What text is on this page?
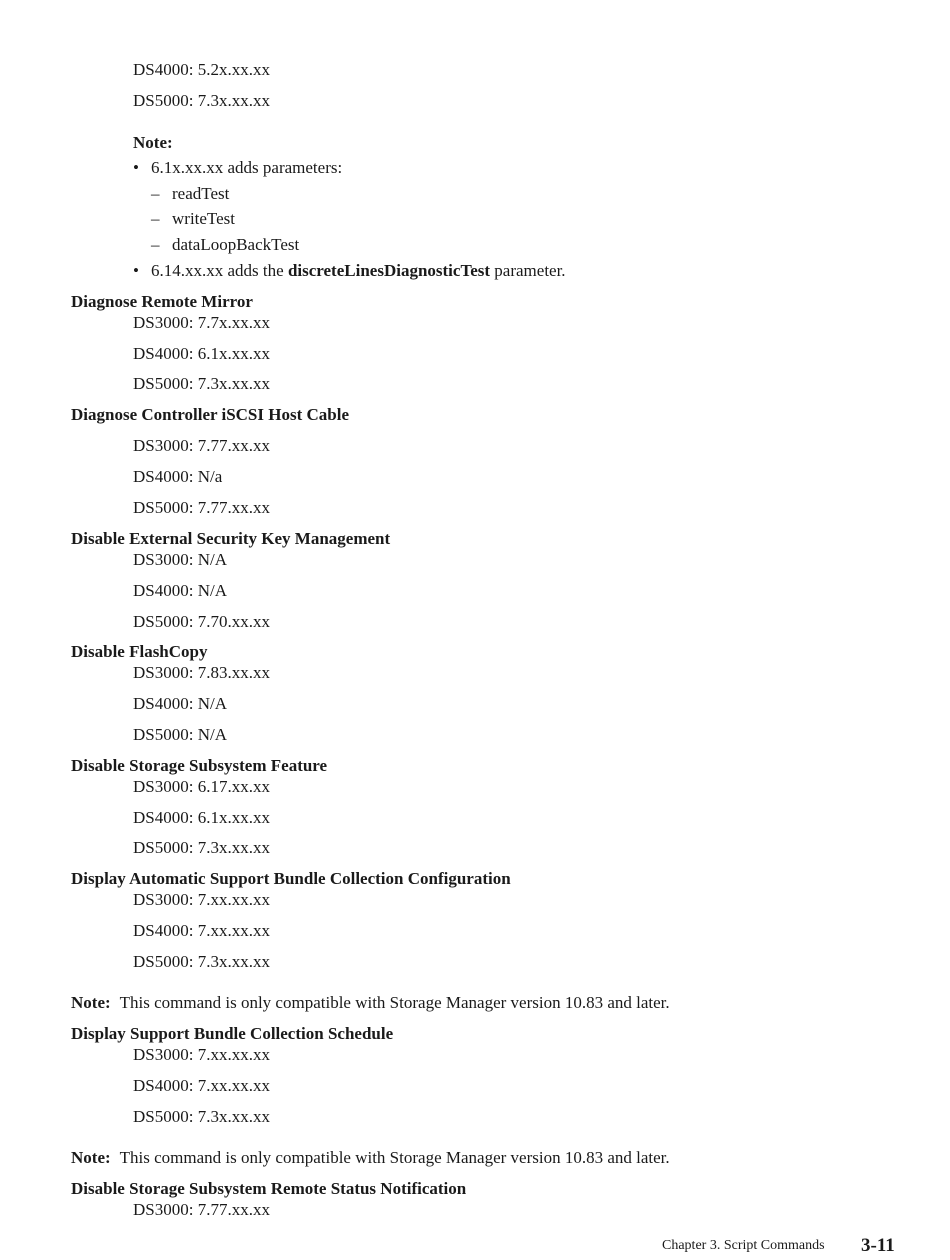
DS4000: 5.2x.xx.xx
DS5000: 7.3x.xx.xx
Note:
• 6.1x.xx.xx adds parameters:
– readTest
– writeTest
– dataLoopBackTest
• 6.14.xx.xx adds the discreteLinesDiagnosticTest parameter.
Diagnose Remote Mirror
DS3000: 7.7x.xx.xx
DS4000: 6.1x.xx.xx
DS5000: 7.3x.xx.xx
Diagnose Controller iSCSI Host Cable
DS3000: 7.77.xx.xx
DS4000: N/a
DS5000: 7.77.xx.xx
Disable External Security Key Management
DS3000: N/A
DS4000: N/A
DS5000: 7.70.xx.xx
Disable FlashCopy
DS3000: 7.83.xx.xx
DS4000: N/A
DS5000: N/A
Disable Storage Subsystem Feature
DS3000: 6.17.xx.xx
DS4000: 6.1x.xx.xx
DS5000: 7.3x.xx.xx
Display Automatic Support Bundle Collection Configuration
DS3000: 7.xx.xx.xx
DS4000: 7.xx.xx.xx
DS5000: 7.3x.xx.xx
Note: This command is only compatible with Storage Manager version 10.83 and later.
Display Support Bundle Collection Schedule
DS3000: 7.xx.xx.xx
DS4000: 7.xx.xx.xx
DS5000: 7.3x.xx.xx
Note: This command is only compatible with Storage Manager version 10.83 and later.
Disable Storage Subsystem Remote Status Notification
DS3000: 7.77.xx.xx
Chapter 3. Script Commands 3-11
